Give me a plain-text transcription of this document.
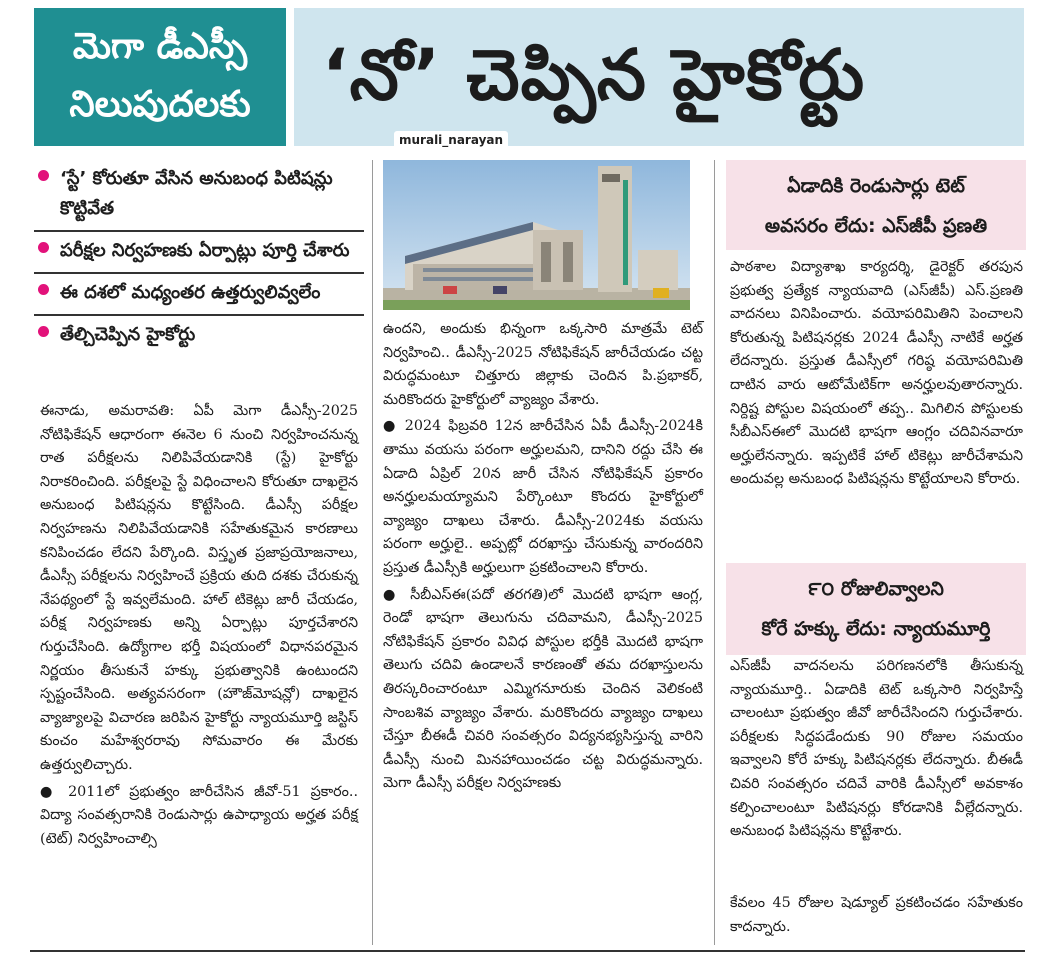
మెగా డీఎస్సీ
నిలుపుదలకు	‘నో’ చెప్పిన హైకోర్టు
murali_narayan
‘స్టే’ కోరుతూ వేసిన అనుబంధ పిటిషన్లు కొట్టివేత
పరీక్షల నిర్వహణకు ఏర్పాట్లు పూర్తి చేశారు
ఈ దశలో మధ్యంతర ఉత్తర్వులివ్వలేం
తేల్చిచెప్పిన హైకోర్టు

ఈనాడు, అమరావతి: ఏపీ మెగా డీఎస్సీ-2025 నోటిఫికేషన్ ఆధారంగా ఈనెల 6 నుంచి నిర్వహించనున్న రాత పరీక్షలను నిలిపివేయడానికి (స్టే) హైకోర్టు నిరాకరించింది. పరీక్షలపై స్టే విధించాలని కోరుతూ దాఖలైన అనుబంధ పిటిషన్లను కొట్టేసింది. డీఎస్సీ పరీక్షల నిర్వహణను నిలిపివేయడానికి సహేతుకమైన కారణాలు కనిపించడం లేదని పేర్కొంది. విస్తృత ప్రజాప్రయోజనాలు, డీఎస్సీ పరీక్షలను నిర్వహించే ప్రక్రియ తుది దశకు చేరుకున్న నేపథ్యంలో స్టే ఇవ్వలేమంది. హాల్ టికెట్లు జారీ చేయడం, పరీక్ష నిర్వహణకు అన్ని ఏర్పాట్లు పూర్తచేశారని గుర్తుచేసింది. ఉద్యోగాల భర్తీ విషయంలో విధానపరమైన నిర్ణయం తీసుకునే హక్కు ప్రభుత్వానికి ఉంటుందని స్పష్టంచేసింది. అత్యవసరంగా (హౌజ్‌మోషన్లో) దాఖలైన వ్యాజ్యాలపై విచారణ జరిపిన హైకోర్టు న్యాయమూర్తి జస్టిస్ కుంచం మహేశ్వరరావు సోమవారం ఈ మేరకు ఉత్తర్వులిచ్చారు.

● 2011లో ప్రభుత్వం జారీచేసిన జీవో-51 ప్రకారం.. విద్యా సంవత్సరానికి రెండుసార్లు ఉపాధ్యాయ అర్హత పరీక్ష (టెట్) నిర్వహించాల్సి

ఉందని, అందుకు భిన్నంగా ఒక్కసారి మాత్రమే టెట్ నిర్వహించి.. డీఎస్సీ-2025 నోటిఫికేషన్ జారీచేయడం చట్ట విరుద్ధమంటూ చిత్తూరు జిల్లాకు చెందిన పి.ప్రభాకర్, మరికొందరు హైకోర్టులో వ్యాజ్యం వేశారు.

● 2024 ఫిబ్రవరి 12న జారీచేసిన ఏపీ డీఎస్సీ-2024కి తాము వయసు పరంగా అర్హులమని, దానిని రద్దు చేసి ఈ ఏడాది ఏప్రిల్ 20న జారీ చేసిన నోటిఫికేషన్ ప్రకారం అనర్హులమయ్యామని పేర్కొంటూ కొందరు హైకోర్టులో వ్యాజ్యం దాఖలు చేశారు. డీఎస్సీ-2024కు వయసు పరంగా అర్హులై.. అప్పట్లో దరఖాస్తు చేసుకున్న వారందరిని ప్రస్తుత డీఎస్సీకి అర్హులుగా ప్రకటించాలని కోరారు.

● సీబీఎస్ఈ(పదో తరగతి)లో మొదటి భాషగా ఆంగ్ల, రెండో భాషగా తెలుగును చదివామని, డీఎస్సీ-2025 నోటిఫికేషన్ ప్రకారం వివిధ పోస్టుల భర్తీకి మొదటి భాషగా తెలుగు చదివి ఉండాలనే కారణంతో తమ దరఖాస్తులను తిరస్కరించారంటూ ఎమ్మిగనూరుకు చెందిన వెలికంటి సాంబశివ వ్యాజ్యం వేశారు. మరికొందరు వ్యాజ్యం దాఖలు చేస్తూ బీఈడీ చివరి సంవత్సరం విద్యనభ్యసిస్తున్న వారిని డీఎస్సీ నుంచి మినహాయించడం చట్ట విరుద్ధమన్నారు. మెగా డీఎస్సీ పరీక్షల నిర్వహణకు

ఏడాదికి రెండుసార్లు టెట్
అవసరం లేదు: ఎస్‌జీపీ ప్రణతి

పాఠశాల విద్యాశాఖ కార్యదర్శి, డైరెక్టర్ తరపున ప్రభుత్వ ప్రత్యేక న్యాయవాది (ఎస్‌జీపీ) ఎస్.ప్రణతి వాదనలు వినిపించారు. వయోపరిమితిని పెంచాలని కోరుతున్న పిటిషనర్లకు 2024 డీఎస్సీ నాటికే అర్హత లేదన్నారు. ప్రస్తుత డీఎస్సీలో గరిష్ఠ వయోపరిమితి దాటిన వారు ఆటోమేటిక్‌గా అనర్హులవుతారన్నారు. నిర్దిష్ట పోస్టుల విషయంలో తప్ప.. మిగిలిన పోస్టులకు సీబీఎస్ఈలో మొదటి భాషగా ఆంగ్లం చదివినవారూ అర్హులేనన్నారు. ఇప్పటికే హాల్ టికెట్లు జారీచేశామని అందువల్ల అనుబంధ పిటిషన్లను కొట్టేయాలని కోరారు.

౯౦ రోజులివ్వాలని
కోరే హక్కు లేదు: న్యాయమూర్తి

ఎస్‌జీపీ వాదనలను పరిగణనలోకి తీసుకున్న న్యాయమూర్తి.. ఏడాదికి టెట్ ఒక్కసారి నిర్వహిస్తే చాలంటూ ప్రభుత్వం జీవో జారీచేసిందని గుర్తుచేశారు. పరీక్షలకు సిద్ధపడేందుకు 90 రోజుల సమయం ఇవ్వాలని కోరే హక్కు పిటిషనర్లకు లేదన్నారు. బీఈడీ చివరి సంవత్సరం చదివే వారికి డీఎస్సీలో అవకాశం కల్పించాలంటూ పిటిషనర్లు కోరడానికి వీల్లేదన్నారు. అనుబంధ పిటిషన్లను కొట్టేశారు.

కేవలం 45 రోజుల షెడ్యూల్ ప్రకటించడం సహేతుకం కాదన్నారు.
